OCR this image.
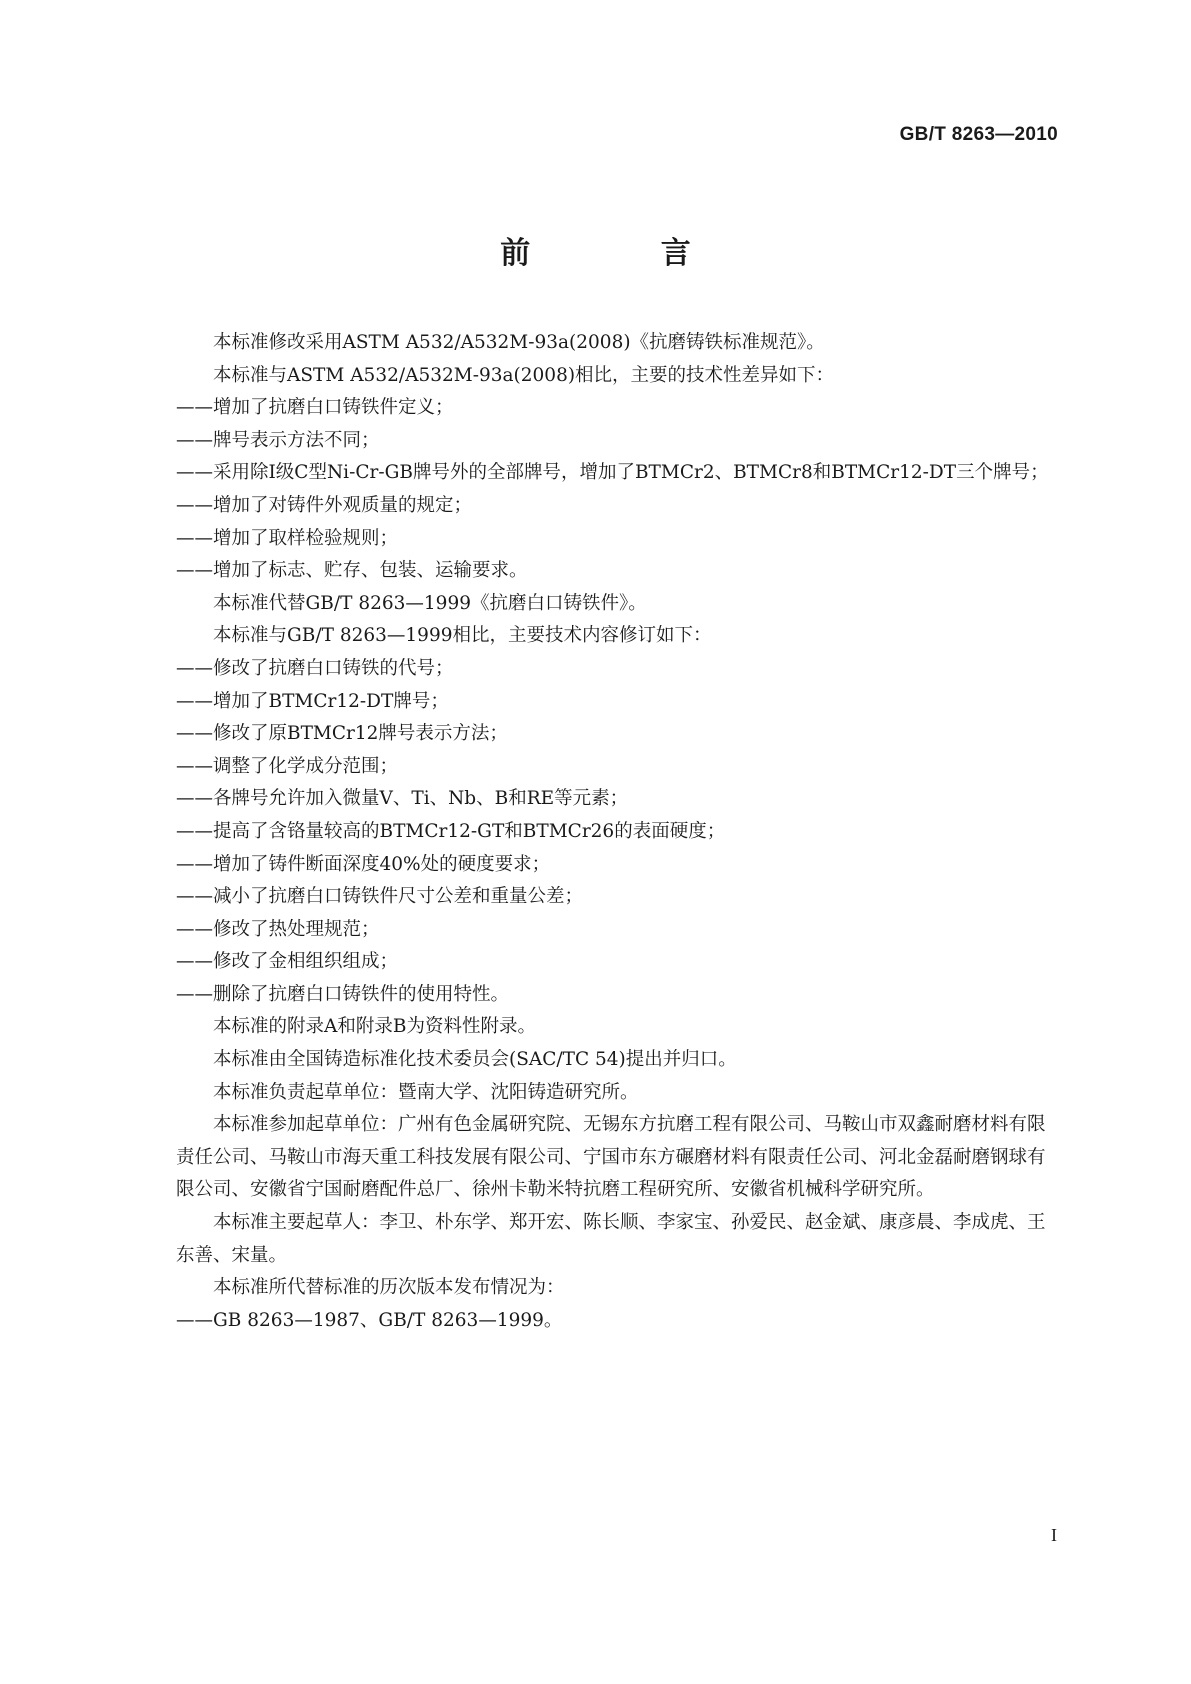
GB/T 8263—2010
前 言

本标准修改采用ASTM A532/A532M-93a(2008)《抗磨铸铁标准规范》。

本标准与ASTM A532/A532M-93a(2008)相比，主要的技术性差异如下：

——增加了抗磨白口铸铁件定义；

——牌号表示方法不同；

——采用除Ⅰ级C型Ni-Cr-GB牌号外的全部牌号，增加了BTMCr2、BTMCr8和BTMCr12-DT三个牌号；

——增加了对铸件外观质量的规定；

——增加了取样检验规则；

——增加了标志、贮存、包装、运输要求。

本标准代替GB/T 8263—1999《抗磨白口铸铁件》。

本标准与GB/T 8263—1999相比，主要技术内容修订如下：

——修改了抗磨白口铸铁的代号；

——增加了BTMCr12-DT牌号；

——修改了原BTMCr12牌号表示方法；

——调整了化学成分范围；

——各牌号允许加入微量V、Ti、Nb、B和RE等元素；

——提高了含铬量较高的BTMCr12-GT和BTMCr26的表面硬度；

——增加了铸件断面深度40%处的硬度要求；

——减小了抗磨白口铸铁件尺寸公差和重量公差；

——修改了热处理规范；

——修改了金相组织组成；

——删除了抗磨白口铸铁件的使用特性。

本标准的附录A和附录B为资料性附录。

本标准由全国铸造标准化技术委员会(SAC/TC 54)提出并归口。

本标准负责起草单位：暨南大学、沈阳铸造研究所。

本标准参加起草单位：广州有色金属研究院、无锡东方抗磨工程有限公司、马鞍山市双鑫耐磨材料有限责任公司、马鞍山市海天重工科技发展有限公司、宁国市东方碾磨材料有限责任公司、河北金磊耐磨钢球有限公司、安徽省宁国耐磨配件总厂、徐州卡勒米特抗磨工程研究所、安徽省机械科学研究所。

本标准主要起草人：李卫、朴东学、郑开宏、陈长顺、李家宝、孙爱民、赵金斌、康彦晨、李成虎、王东善、宋量。

本标准所代替标准的历次版本发布情况为：

——GB 8263—1987、GB/T 8263—1999。

I
